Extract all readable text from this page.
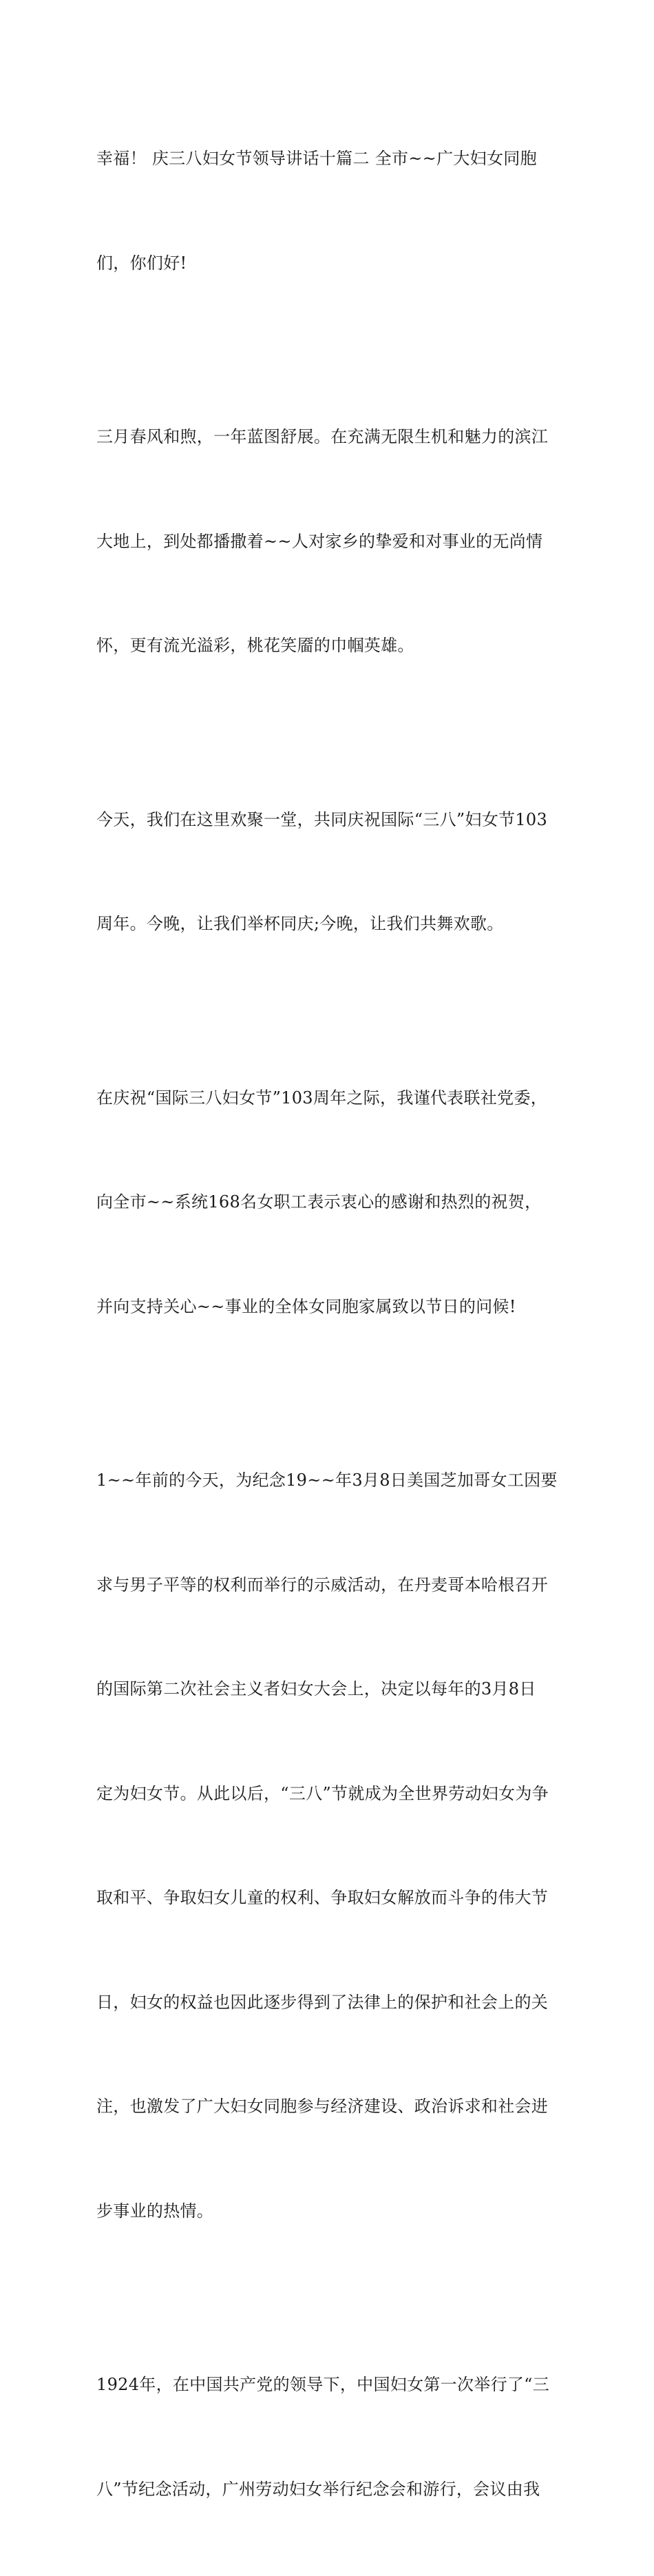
幸福！ 庆三八妇女节领导讲话十篇二 全市~~广大妇女同胞

们，你们好!

三月春风和煦，一年蓝图舒展。在充满无限生机和魅力的滨江

大地上，到处都播撒着~~人对家乡的挚爱和对事业的无尚情

怀，更有流光溢彩，桃花笑靥的巾帼英雄。

今天，我们在这里欢聚一堂，共同庆祝国际“三八”妇女节103

周年。今晚，让我们举杯同庆;今晚，让我们共舞欢歌。

在庆祝“国际三八妇女节”103周年之际，我谨代表联社党委，

向全市~~系统168名女职工表示衷心的感谢和热烈的祝贺，

并向支持关心~~事业的全体女同胞家属致以节日的问候!

1~~年前的今天，为纪念19~~年3月8日美国芝加哥女工因要

求与男子平等的权利而举行的示威活动，在丹麦哥本哈根召开

的国际第二次社会主义者妇女大会上，决定以每年的3月8日

定为妇女节。从此以后，“三八”节就成为全世界劳动妇女为争

取和平、争取妇女儿童的权利、争取妇女解放而斗争的伟大节

日，妇女的权益也因此逐步得到了法律上的保护和社会上的关

注，也激发了广大妇女同胞参与经济建设、政治诉求和社会进

步事业的热情。

1924年，在中国共产党的领导下，中国妇女第一次举行了“三

八”节纪念活动，广州劳动妇女举行纪念会和游行，会议由我
